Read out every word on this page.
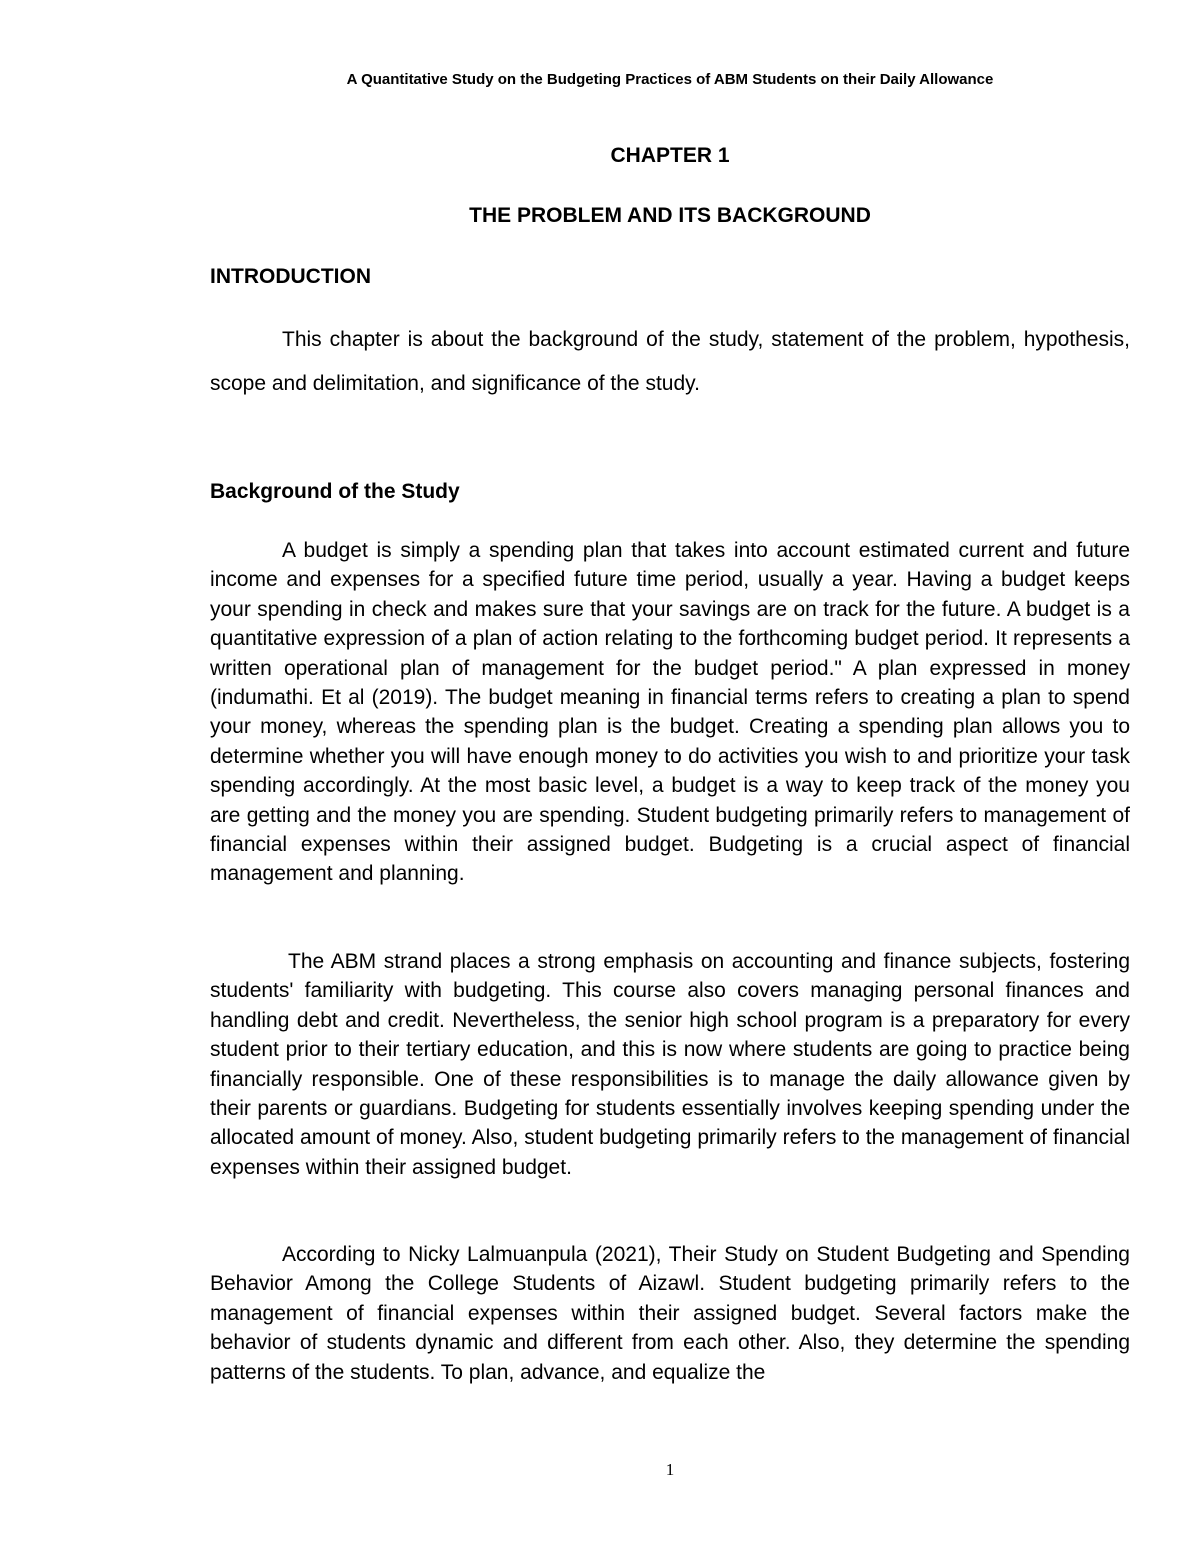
A Quantitative Study on the Budgeting Practices of ABM Students on their Daily Allowance
CHAPTER 1
THE PROBLEM AND ITS BACKGROUND
INTRODUCTION
This chapter is about the background of the study, statement of the problem, hypothesis, scope and delimitation, and significance of the study.
Background of the Study
A budget is simply a spending plan that takes into account estimated current and future income and expenses for a specified future time period, usually a year. Having a budget keeps your spending in check and makes sure that your savings are on track for the future. A budget is a quantitative expression of a plan of action relating to the forthcoming budget period. It represents a written operational plan of management for the budget period." A plan expressed in money (indumathi. Et al (2019). The budget meaning in financial terms refers to creating a plan to spend your money, whereas the spending plan is the budget. Creating a spending plan allows you to determine whether you will have enough money to do activities you wish to and prioritize your task spending accordingly. At the most basic level, a budget is a way to keep track of the money you are getting and the money you are spending. Student budgeting primarily refers to management of financial expenses within their assigned budget. Budgeting is a crucial aspect of financial management and planning.
The ABM strand places a strong emphasis on accounting and finance subjects, fostering students' familiarity with budgeting. This course also covers managing personal finances and handling debt and credit. Nevertheless, the senior high school program is a preparatory for every student prior to their tertiary education, and this is now where students are going to practice being financially responsible. One of these responsibilities is to manage the daily allowance given by their parents or guardians. Budgeting for students essentially involves keeping spending under the allocated amount of money. Also, student budgeting primarily refers to the management of financial expenses within their assigned budget.
According to Nicky Lalmuanpula (2021), Their Study on Student Budgeting and Spending Behavior Among the College Students of Aizawl. Student budgeting primarily refers to the management of financial expenses within their assigned budget. Several factors make the behavior of students dynamic and different from each other. Also, they determine the spending patterns of the students. To plan, advance, and equalize the
1
